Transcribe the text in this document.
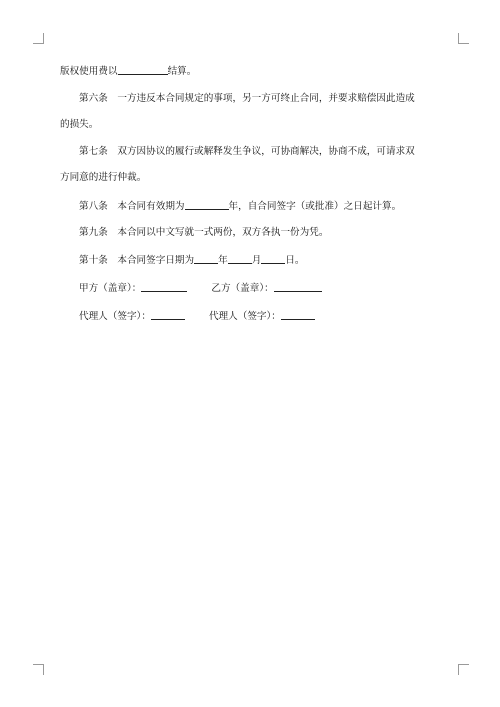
版权使用费以	结算。

第六条　一方违反本合同规定的事项，另一方可终止合同，并要求赔偿因此造成
的损失。

第七条　双方因协议的履行或解释发生争议，可协商解决，协商不成，可请求双
方同意的进行仲裁。

第八条　本合同有效期为	年，自合同签字（或批准）之日起计算。

第九条　本合同以中文写就一式两份，双方各执一份为凭。

第十条　本合同签字日期为	年	月	日。

甲方（盖章）：	乙方（盖章）：

代理人（签字）：	代理人（签字）：
